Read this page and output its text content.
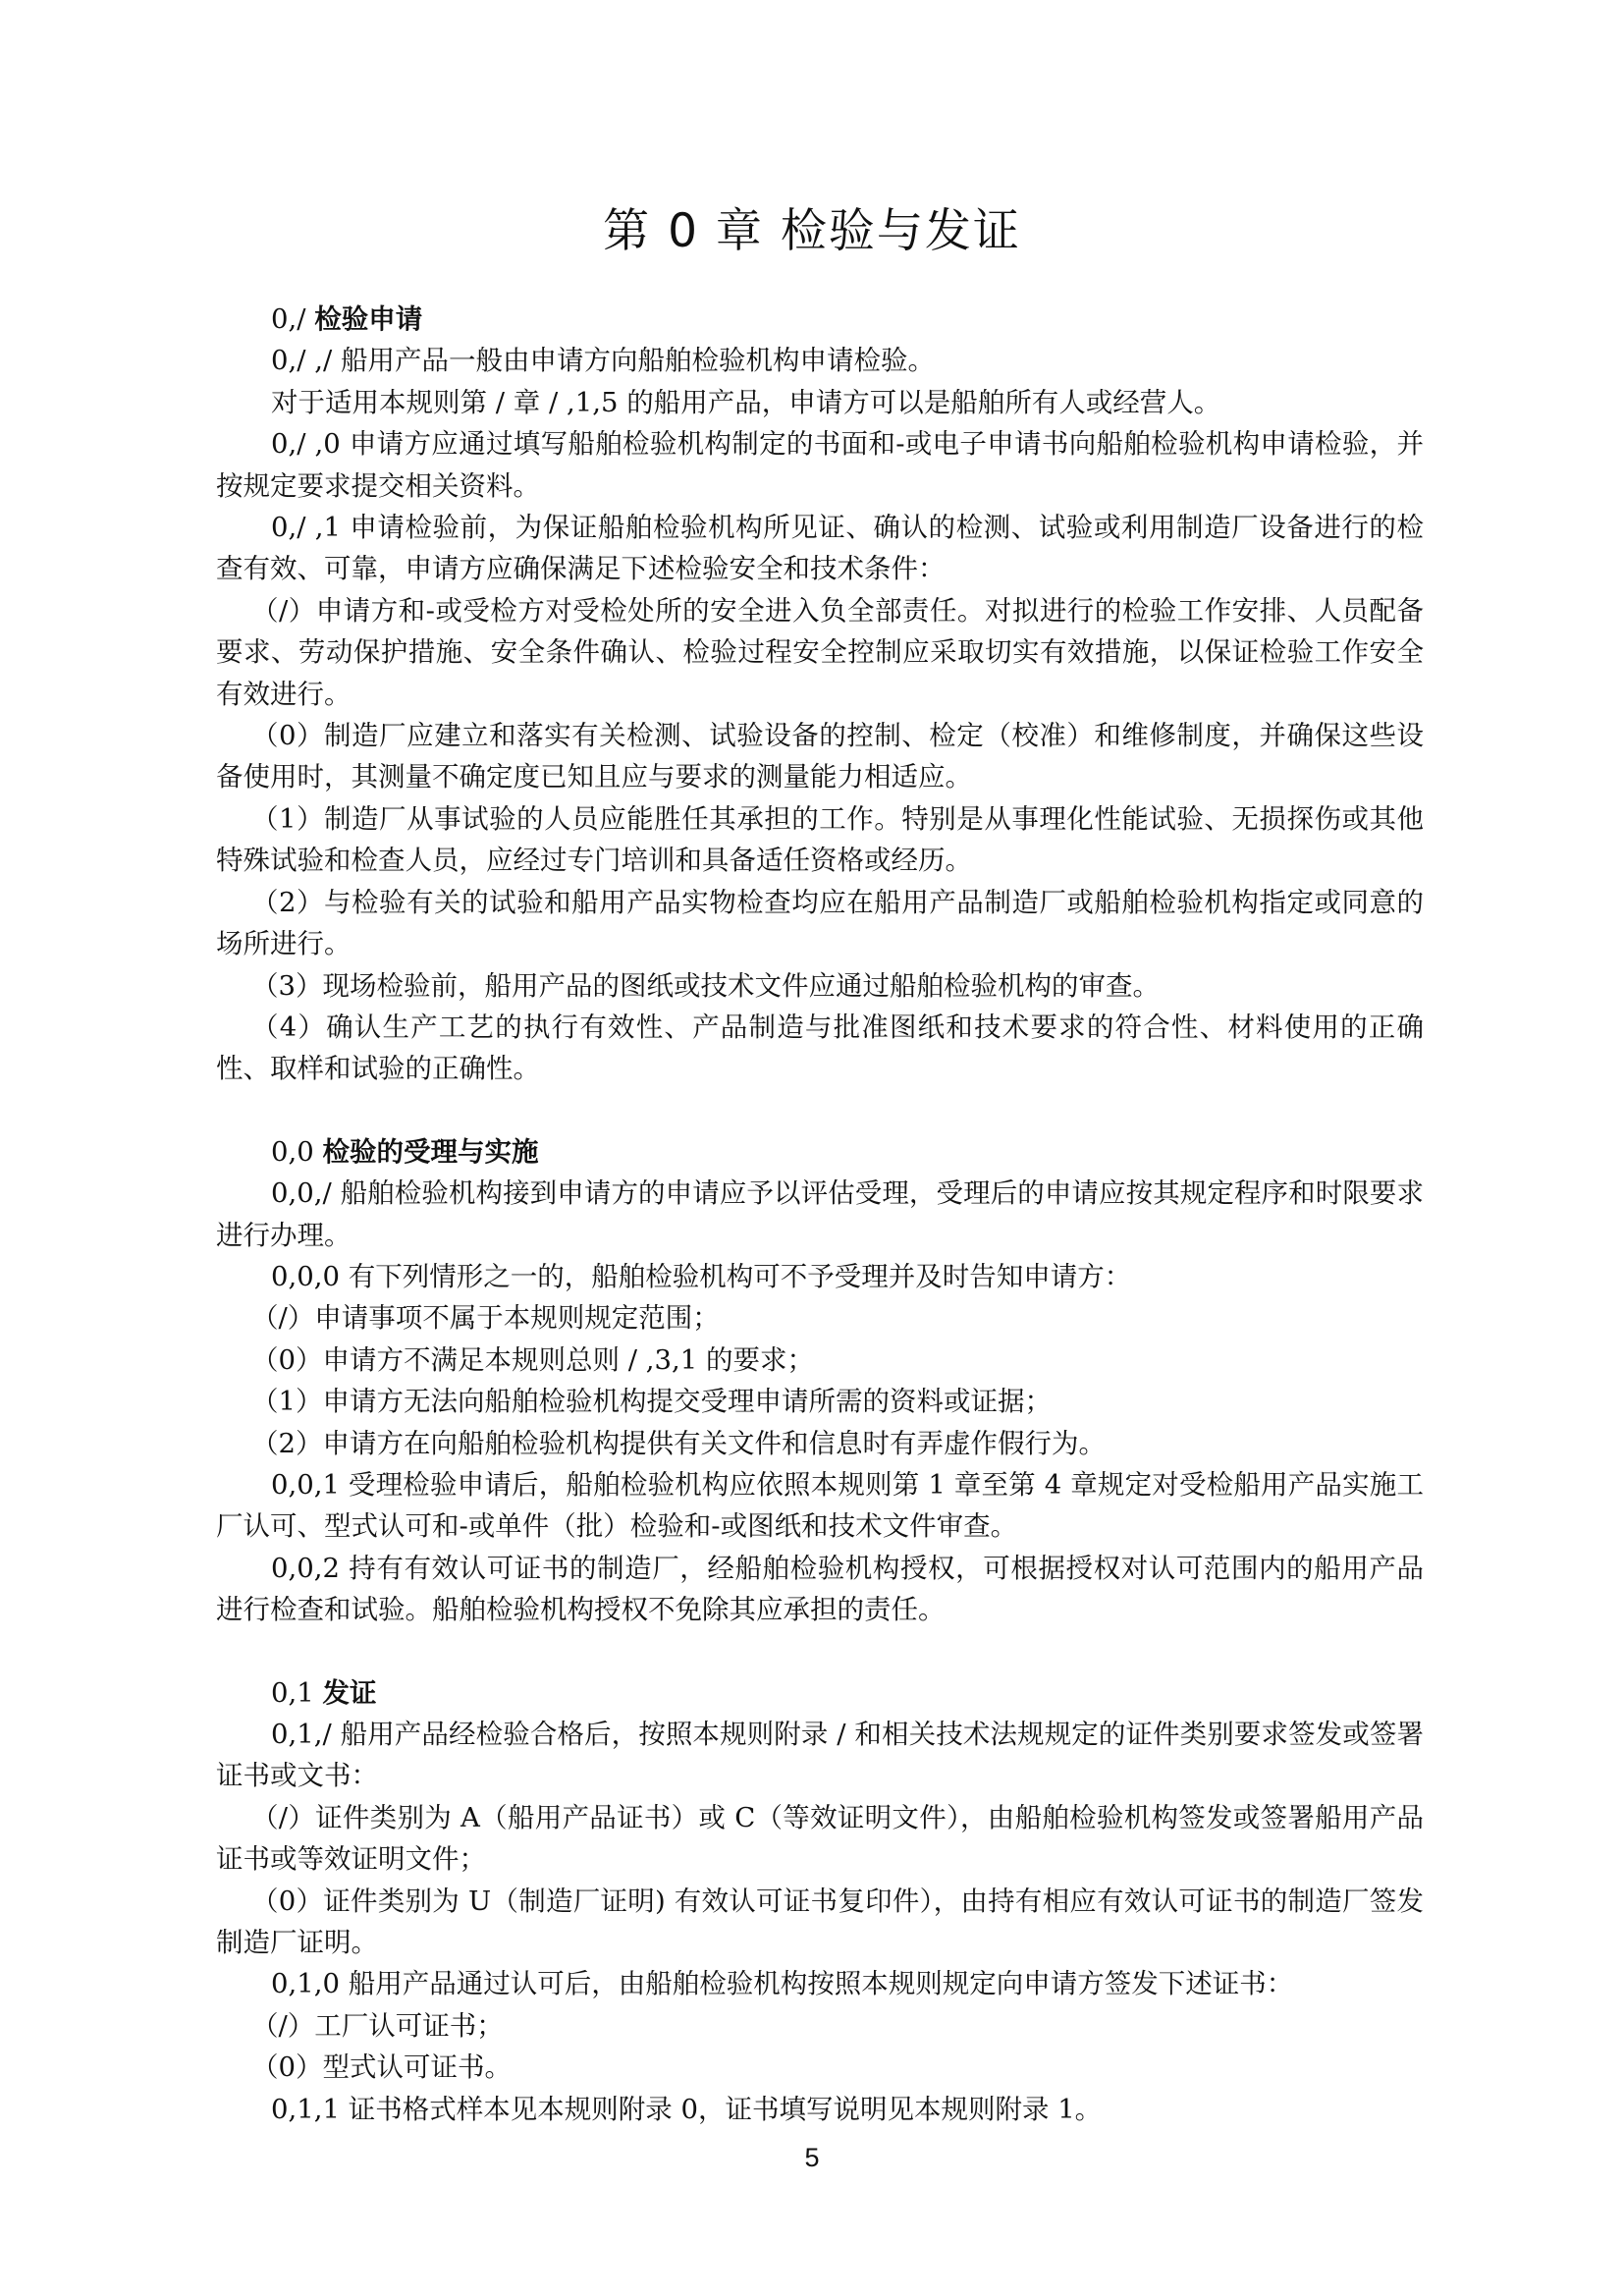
第 0 章 检验与发证

0,/ 检验申请

0,/ ,/ 船用产品一般由申请方向船舶检验机构申请检验。

对于适用本规则第 / 章 / ,1,5 的船用产品，申请方可以是船舶所有人或经营人。

0,/ ,0 申请方应通过填写船舶检验机构制定的书面和-或电子申请书向船舶检验机构申请检验，并按规定要求提交相关资料。

0,/ ,1 申请检验前，为保证船舶检验机构所见证、确认的检测、试验或利用制造厂设备进行的检查有效、可靠，申请方应确保满足下述检验安全和技术条件：

（/）申请方和-或受检方对受检处所的安全进入负全部责任。对拟进行的检验工作安排、人员配备要求、劳动保护措施、安全条件确认、检验过程安全控制应采取切实有效措施，以保证检验工作安全有效进行。

（0）制造厂应建立和落实有关检测、试验设备的控制、检定（校准）和维修制度，并确保这些设备使用时，其测量不确定度已知且应与要求的测量能力相适应。

（1）制造厂从事试验的人员应能胜任其承担的工作。特别是从事理化性能试验、无损探伤或其他特殊试验和检查人员，应经过专门培训和具备适任资格或经历。

（2）与检验有关的试验和船用产品实物检查均应在船用产品制造厂或船舶检验机构指定或同意的场所进行。

（3）现场检验前，船用产品的图纸或技术文件应通过船舶检验机构的审查。

（4）确认生产工艺的执行有效性、产品制造与批准图纸和技术要求的符合性、材料使用的正确性、取样和试验的正确性。

0,0 检验的受理与实施

0,0,/ 船舶检验机构接到申请方的申请应予以评估受理，受理后的申请应按其规定程序和时限要求进行办理。

0,0,0 有下列情形之一的，船舶检验机构可不予受理并及时告知申请方：

（/）申请事项不属于本规则规定范围；

（0）申请方不满足本规则总则 / ,3,1 的要求；

（1）申请方无法向船舶检验机构提交受理申请所需的资料或证据；

（2）申请方在向船舶检验机构提供有关文件和信息时有弄虚作假行为。

0,0,1 受理检验申请后，船舶检验机构应依照本规则第 1 章至第 4 章规定对受检船用产品实施工厂认可、型式认可和-或单件（批）检验和-或图纸和技术文件审查。

0,0,2 持有有效认可证书的制造厂，经船舶检验机构授权，可根据授权对认可范围内的船用产品进行检查和试验。船舶检验机构授权不免除其应承担的责任。

0,1 发证

0,1,/ 船用产品经检验合格后，按照本规则附录 / 和相关技术法规规定的证件类别要求签发或签署证书或文书：

（/）证件类别为 A（船用产品证书）或 C（等效证明文件），由船舶检验机构签发或签署船用产品证书或等效证明文件；

（0）证件类别为 U（制造厂证明) 有效认可证书复印件），由持有相应有效认可证书的制造厂签发制造厂证明。

0,1,0 船用产品通过认可后，由船舶检验机构按照本规则规定向申请方签发下述证书：

（/）工厂认可证书；

（0）型式认可证书。

0,1,1 证书格式样本见本规则附录 0，证书填写说明见本规则附录 1。

5
